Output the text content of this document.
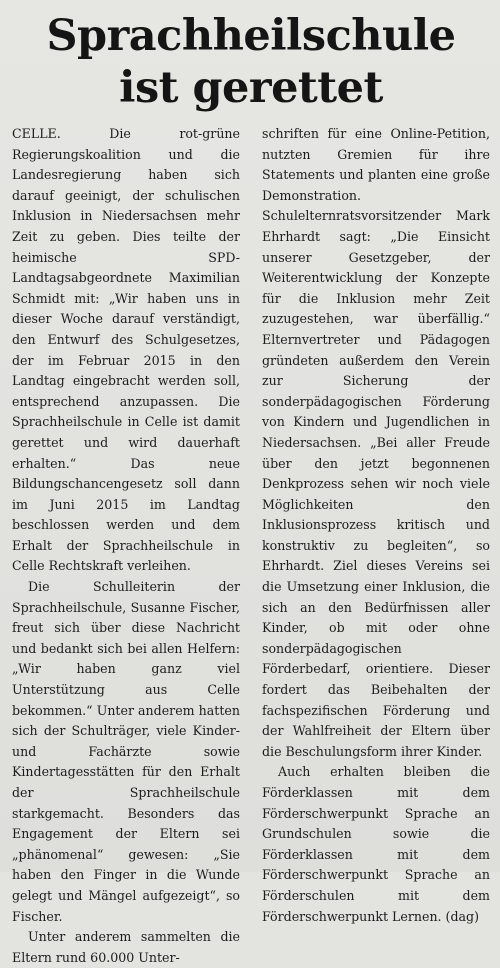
Sprachheilschule
ist gerettet

CELLE. Die rot-grüne Regierungskoalition und die Landesregierung haben sich darauf geeinigt, der schulischen Inklusion in Niedersachsen mehr Zeit zu geben. Dies teilte der heimische SPD-Landtagsabgeordnete Maximilian Schmidt mit: „Wir haben uns in dieser Woche darauf verständigt, den Entwurf des Schulgesetzes, der im Februar 2015 in den Landtag eingebracht werden soll, entsprechend anzupassen. Die Sprachheilschule in Celle ist damit gerettet und wird dauerhaft erhalten.“ Das neue Bildungschancengesetz soll dann im Juni 2015 im Landtag beschlossen werden und dem Erhalt der Sprachheilschule in Celle Rechtskraft verleihen.

Die Schulleiterin der Sprachheilschule, Susanne Fischer, freut sich über diese Nachricht und bedankt sich bei allen Helfern: „Wir haben ganz viel Unterstützung aus Celle bekommen.“ Unter anderem hatten sich der Schulträger, viele Kinder- und Fachärzte sowie Kindertagesstätten für den Erhalt der Sprachheilschule starkgemacht. Besonders das Engagement der Eltern sei „phänomenal“ gewesen: „Sie haben den Finger in die Wunde gelegt und Mängel aufgezeigt“, so Fischer.

Unter anderem sammelten die Eltern rund 60.000 Unter-

schriften für eine Online-Petition, nutzten Gremien für ihre Statements und planten eine große Demonstration. Schulelternratsvorsitzender Mark Ehrhardt sagt: „Die Einsicht unserer Gesetzgeber, der Weiterentwicklung der Konzepte für die Inklusion mehr Zeit zuzugestehen, war überfällig.“ Elternvertreter und Pädagogen gründeten außerdem den Verein zur Sicherung der sonderpädagogischen Förderung von Kindern und Jugendlichen in Niedersachsen. „Bei aller Freude über den jetzt begonnenen Denkprozess sehen wir noch viele Möglichkeiten den Inklusionsprozess kritisch und konstruktiv zu begleiten“, so Ehrhardt. Ziel dieses Vereins sei die Umsetzung einer Inklusion, die sich an den Bedürfnissen aller Kinder, ob mit oder ohne sonderpädagogischen Förderbedarf, orientiere. Dieser fordert das Beibehalten der fachspezifischen Förderung und der Wahlfreiheit der Eltern über die Beschulungsform ihrer Kinder.

Auch erhalten bleiben die Förderklassen mit dem Förderschwerpunkt Sprache an Grundschulen sowie die Förderklassen mit dem Förderschwerpunkt Sprache an Förderschulen mit dem Förderschwerpunkt Lernen. (dag)
